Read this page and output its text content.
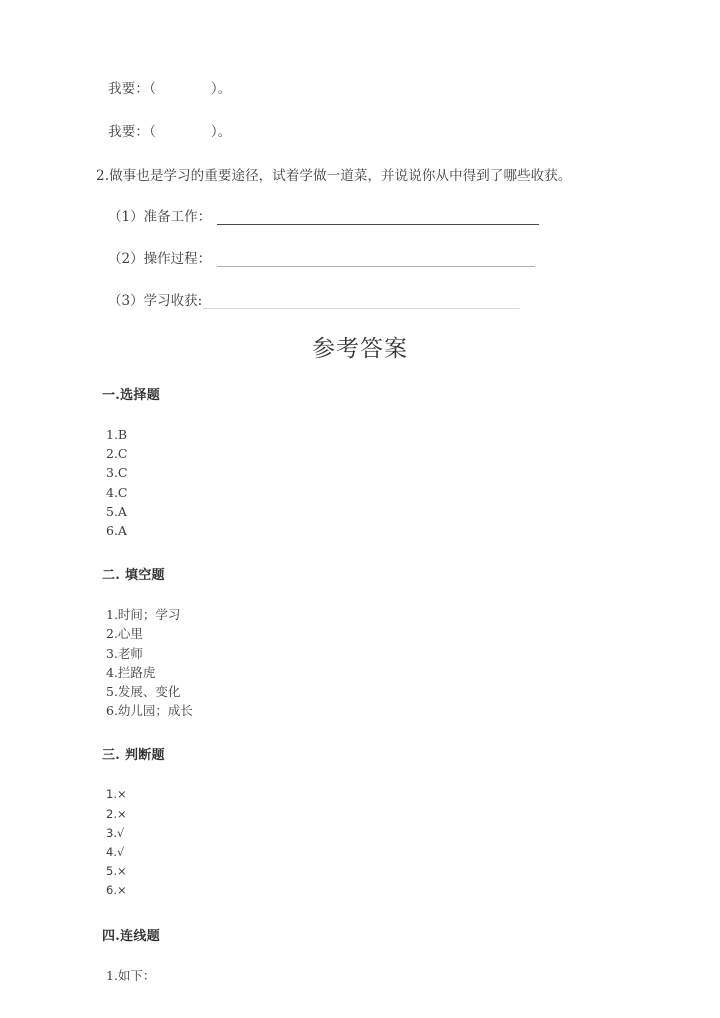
我要：（　　　　）。

我要：（　　　　）。

2.做事也是学习的重要途径，试着学做一道菜，并说说你从中得到了哪些收获。

（1）准备工作：
（2）操作过程：
（3）学习收获:
参考答案
一.选择题
1.B
2.C
3.C
4.C
5.A
6.A
二. 填空题
1.时间；学习
2.心里
3.老师
4.拦路虎
5.发展、变化
6.幼儿园；成长
三. 判断题
1.×
2.×
3.√
4.√
5.×
6.×
四.连线题
1.如下：
